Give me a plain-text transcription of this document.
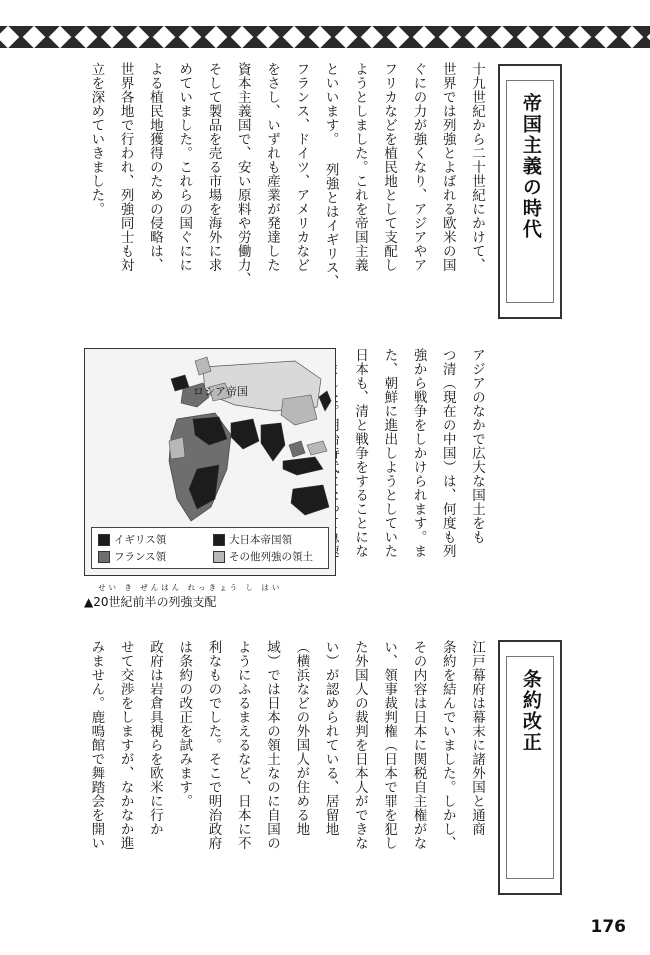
帝国主義の時代
条約改正
十九世紀から二十世紀にかけて、
世界では列強とよばれる欧米の国
ぐにの力が強くなり、アジアやア
フリカなどを植民地として支配し
ようとしました。これを帝国主義
といいます。 列強とはイギリス、
フランス、ドイツ、アメリカなど
をさし、いずれも産業が発達した
資本主義国で、安い原料や労働力、
そして製品を売る市場を海外に求
めていました。これらの国ぐにに
よる植民地獲得のための侵略は、
世界各地で行われ、列強同士も対
立を深めていきました。
アジアのなかで広大な国土をも
つ清（現在の中国）は、何度も列
強から戦争をしかけられます。ま
た、朝鮮に進出しようとしていた
日本も、清と戦争をすることにな
江戸幕府は幕末に諸外国と通商
条約を結んでいました。しかし、
その内容は日本に関税自主権がな
い、領事裁判権（日本で罪を犯し
た外国人の裁判を日本人ができな
い）が認められている、居留地
（横浜などの外国人が住める地
域）では日本の領土なのに自国の
ようにふるまえるなど、日本に不
利なものでした。そこで明治政府
は条約の改正を試みます。
政府は岩倉具視らを欧米に行か
せて交渉をしますが、なかなか進
みません。鹿鳴館で舞踏会を開い
ロシア帝国
イギリス領	大日本帝国領
フランス領	その他列強の領土
せい き ぜんはん れっきょう し はい
▲20世紀前半の列強支配
176
